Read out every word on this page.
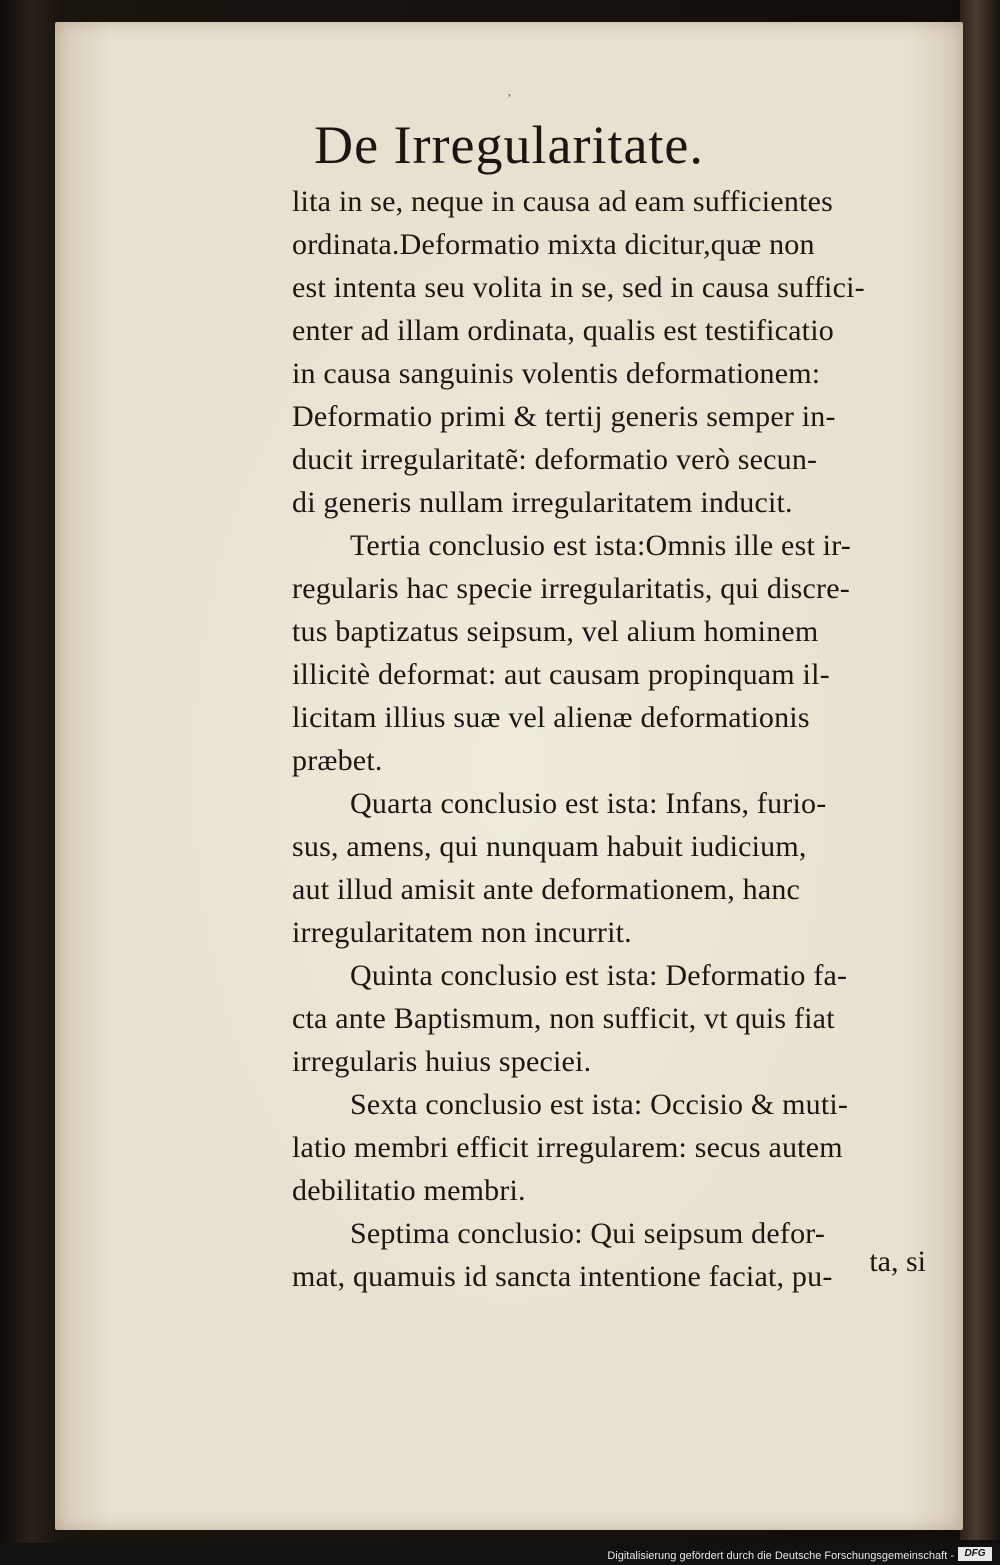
De Irregularitate.
ʼ
lita in se, neque in causa ad eam sufficientes
ordinata.Deformatio mixta dicitur,quæ non
est intenta seu volita in se, sed in causa suffici-
enter ad illam ordinata, qualis est testificatio
in causa sanguinis volentis deformationem:
Deformatio primi & tertij generis semper in-
ducit irregularitatẽ: deformatio verò secun-
di generis nullam irregularitatem inducit.
Tertia conclusio est ista:Omnis ille est ir-
regularis hac specie irregularitatis, qui discre-
tus baptizatus seipsum, vel alium hominem
illicitè deformat: aut causam propinquam il-
licitam illius suæ vel alienæ deformationis
præbet.
Quarta conclusio est ista: Infans, furio-
sus, amens, qui nunquam habuit iudicium,
aut illud amisit ante deformationem, hanc
irregularitatem non incurrit.
Quinta conclusio est ista: Deformatio fa-
cta ante Baptismum, non sufficit, vt quis fiat
irregularis huius speciei.
Sexta conclusio est ista: Occisio & muti-
latio membri efficit irregularem: secus autem
debilitatio membri.
Septima conclusio: Qui seipsum defor-
mat, quamuis id sancta intentione faciat, pu-	ta, si
Digitalisierung gefördert durch die Deutsche Forschungsgemeinschaft -	DFG
